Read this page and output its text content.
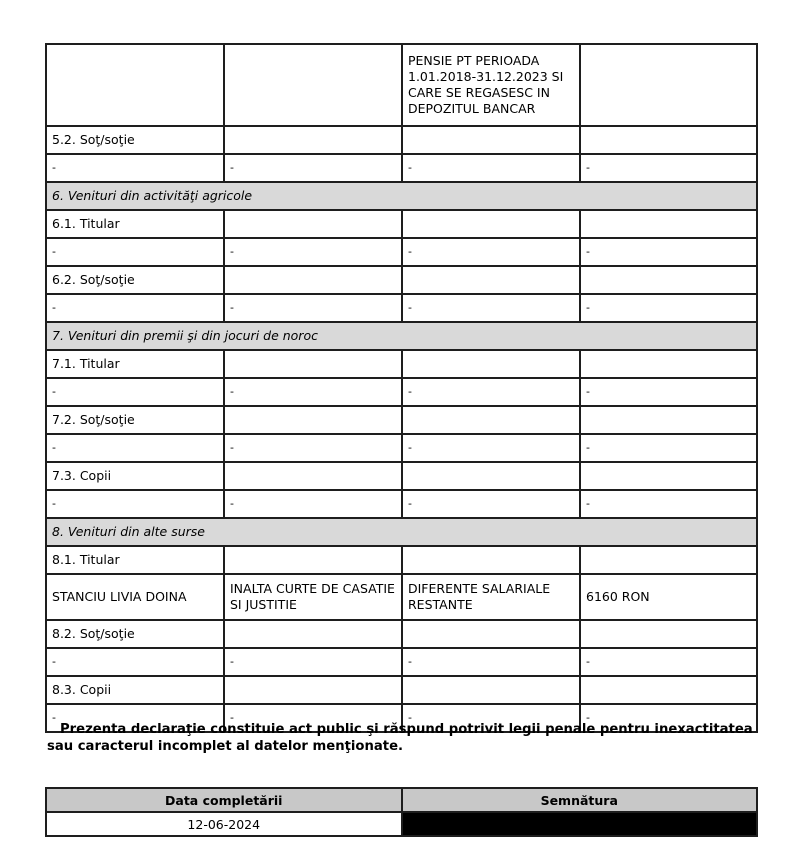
		PENSIE PT PERIOADA 1.01.2018-31.12.2023 SI CARE SE REGASESC IN DEPOZITUL BANCAR	
5.2. Soţ/soţie			
-	-	-	-
6. Venituri din activităţi agricole			
6.1. Titular			
-	-	-	-
6.2. Soţ/soţie			
-	-	-	-
7. Venituri din premii şi din jocuri de noroc			
7.1. Titular			
-	-	-	-
7.2. Soţ/soţie			
-	-	-	-
7.3. Copii			
-	-	-	-
8. Venituri din alte surse			
8.1. Titular			
STANCIU LIVIA DOINA	INALTA CURTE DE CASATIE SI JUSTITIE	DIFERENTE SALARIALE RESTANTE	6160 RON
8.2. Soţ/soţie			
-	-	-	-
8.3. Copii			
-	-	-	-
Prezenta declaraţie constituie act public şi răspund potrivit legii penale pentru inexactitatea sau caracterul incomplet al datelor menţionate.
Data completării	Semnătura
12-06-2024	
